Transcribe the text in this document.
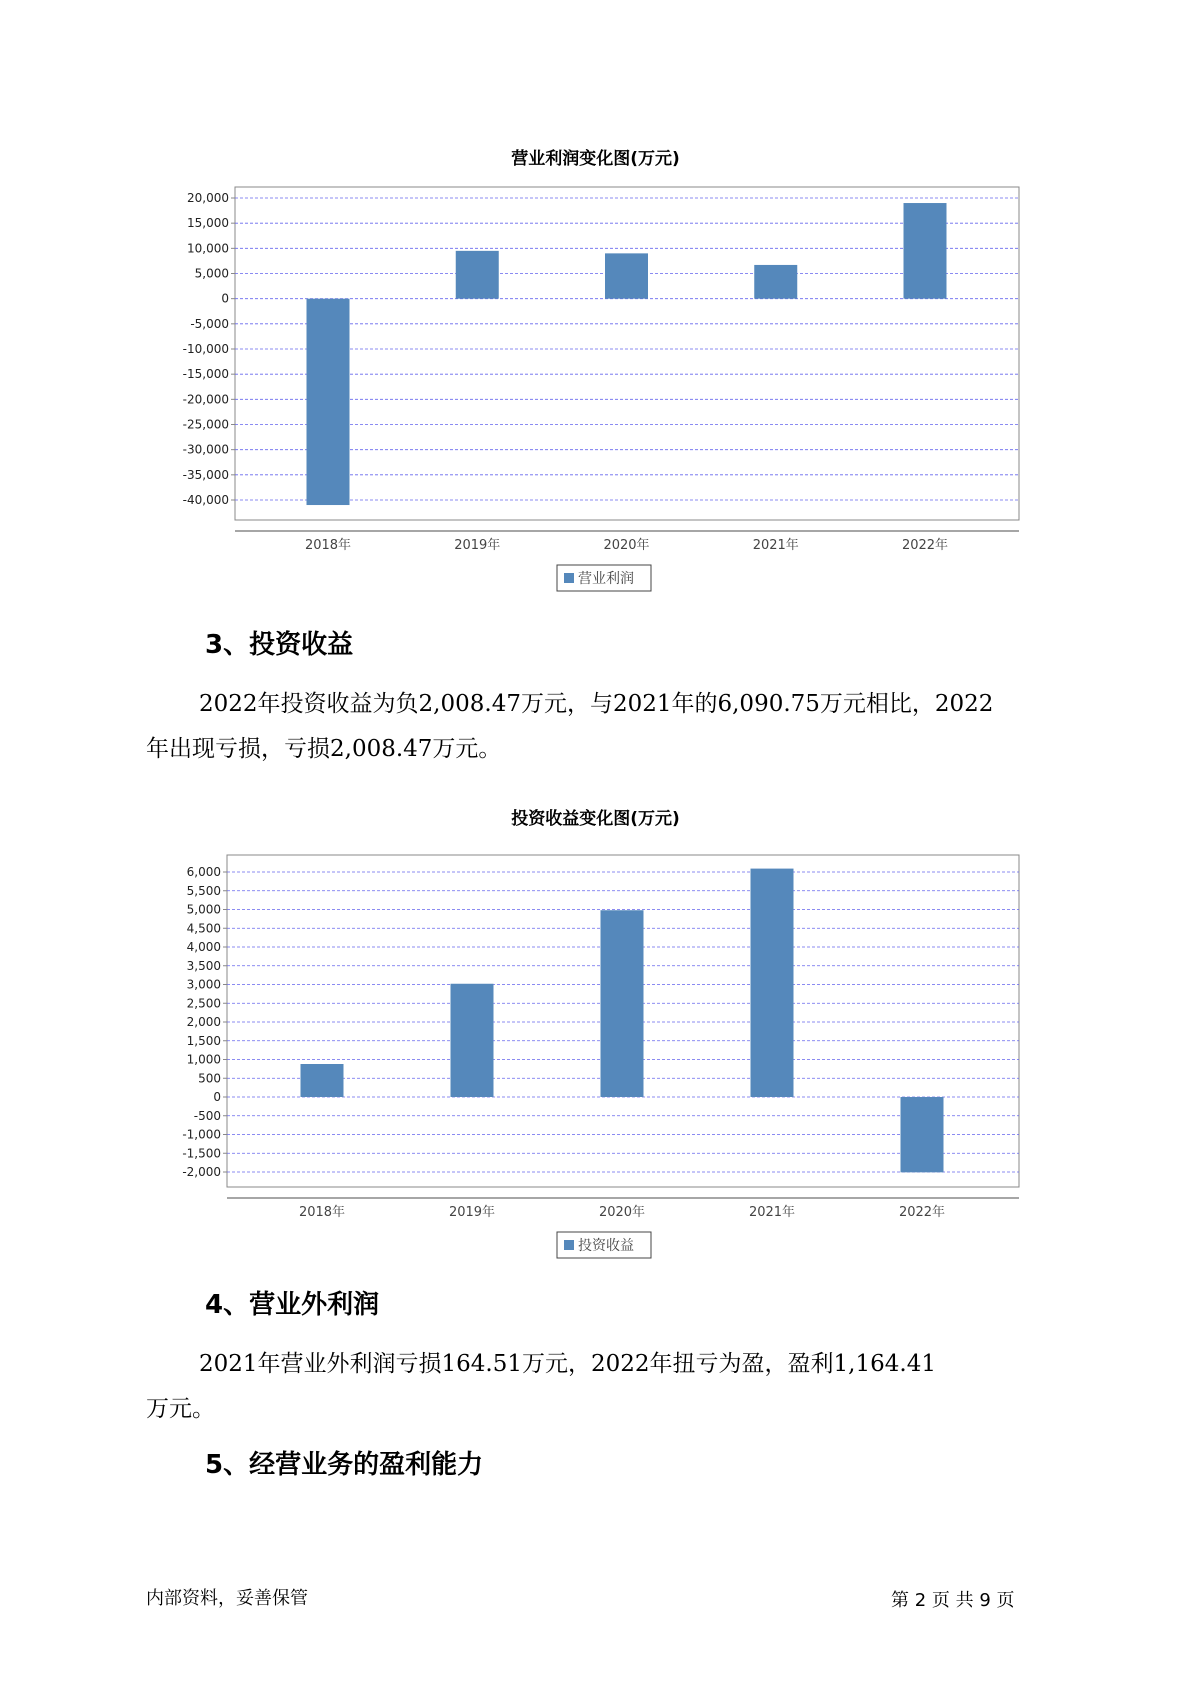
营业利润变化图(万元)
20,000
15,000
10,000
5,000
0
-5,000
-10,000
-15,000
-20,000
-25,000
-30,000
-35,000
-40,000
2018年	2019年	2020年	2021年	2022年
营业利润
3、投资收益
2022年投资收益为负2,008.47万元，与2021年的6,090.75万元相比，2022
年出现亏损，亏损2,008.47万元。
投资收益变化图(万元)
6,000
5,500
5,000
4,500
4,000
3,500
3,000
2,500
2,000
1,500
1,000
500
0
-500
-1,000
-1,500
-2,000
2018年	2019年	2020年	2021年	2022年
投资收益
4、营业外利润
2021年营业外利润亏损164.51万元，2022年扭亏为盈，盈利1,164.41
万元。
5、经营业务的盈利能力
内部资料，妥善保管	第 2 页 共 9 页
